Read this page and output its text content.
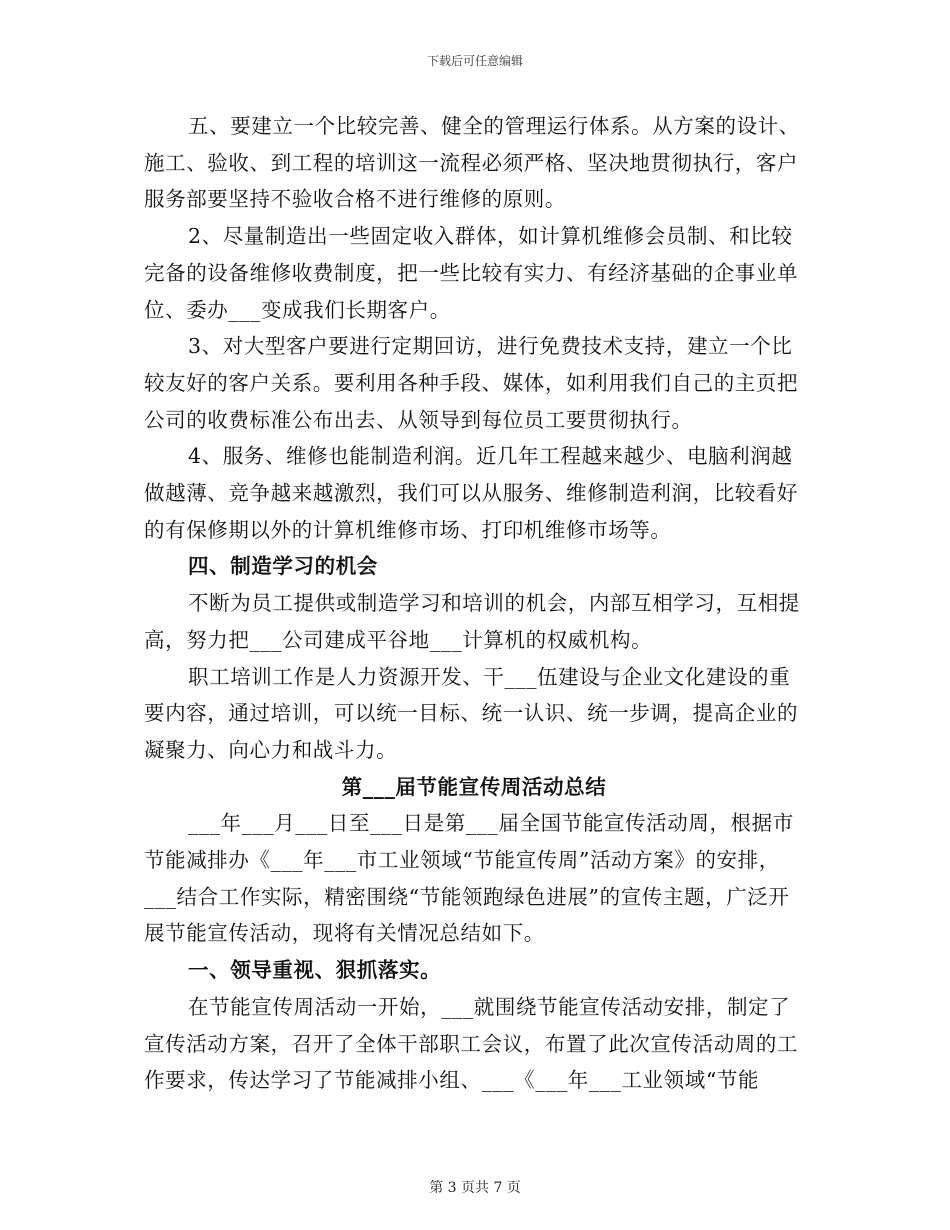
下载后可任意编辑

五、要建立一个比较完善、健全的管理运行体系。从方案的设计、施工、验收、到工程的培训这一流程必须严格、坚决地贯彻执行，客户服务部要坚持不验收合格不进行维修的原则。

2、尽量制造出一些固定收入群体，如计算机维修会员制、和比较完备的设备维修收费制度，把一些比较有实力、有经济基础的企事业单位、委办___变成我们长期客户。

3、对大型客户要进行定期回访，进行免费技术支持，建立一个比较友好的客户关系。要利用各种手段、媒体，如利用我们自己的主页把公司的收费标准公布出去、从领导到每位员工要贯彻执行。

4、服务、维修也能制造利润。近几年工程越来越少、电脑利润越做越薄、竞争越来越激烈，我们可以从服务、维修制造利润，比较看好的有保修期以外的计算机维修市场、打印机维修市场等。

四、制造学习的机会

不断为员工提供或制造学习和培训的机会，内部互相学习，互相提高，努力把___公司建成平谷地___计算机的权威机构。

职工培训工作是人力资源开发、干___伍建设与企业文化建设的重要内容，通过培训，可以统一目标、统一认识、统一步调，提高企业的凝聚力、向心力和战斗力。

第___届节能宣传周活动总结

___年___月___日至___日是第___届全国节能宣传活动周，根据市节能减排办《___年___市工业领域“节能宣传周”活动方案》的安排，___结合工作实际，精密围绕“节能领跑绿色进展”的宣传主题，广泛开展节能宣传活动，现将有关情况总结如下。

一、领导重视、狠抓落实。

在节能宣传周活动一开始，___就围绕节能宣传活动安排，制定了宣传活动方案，召开了全体干部职工会议，布置了此次宣传活动周的工作要求，传达学习了节能减排小组、___《___年___工业领域“节能

第 3 页共 7 页
